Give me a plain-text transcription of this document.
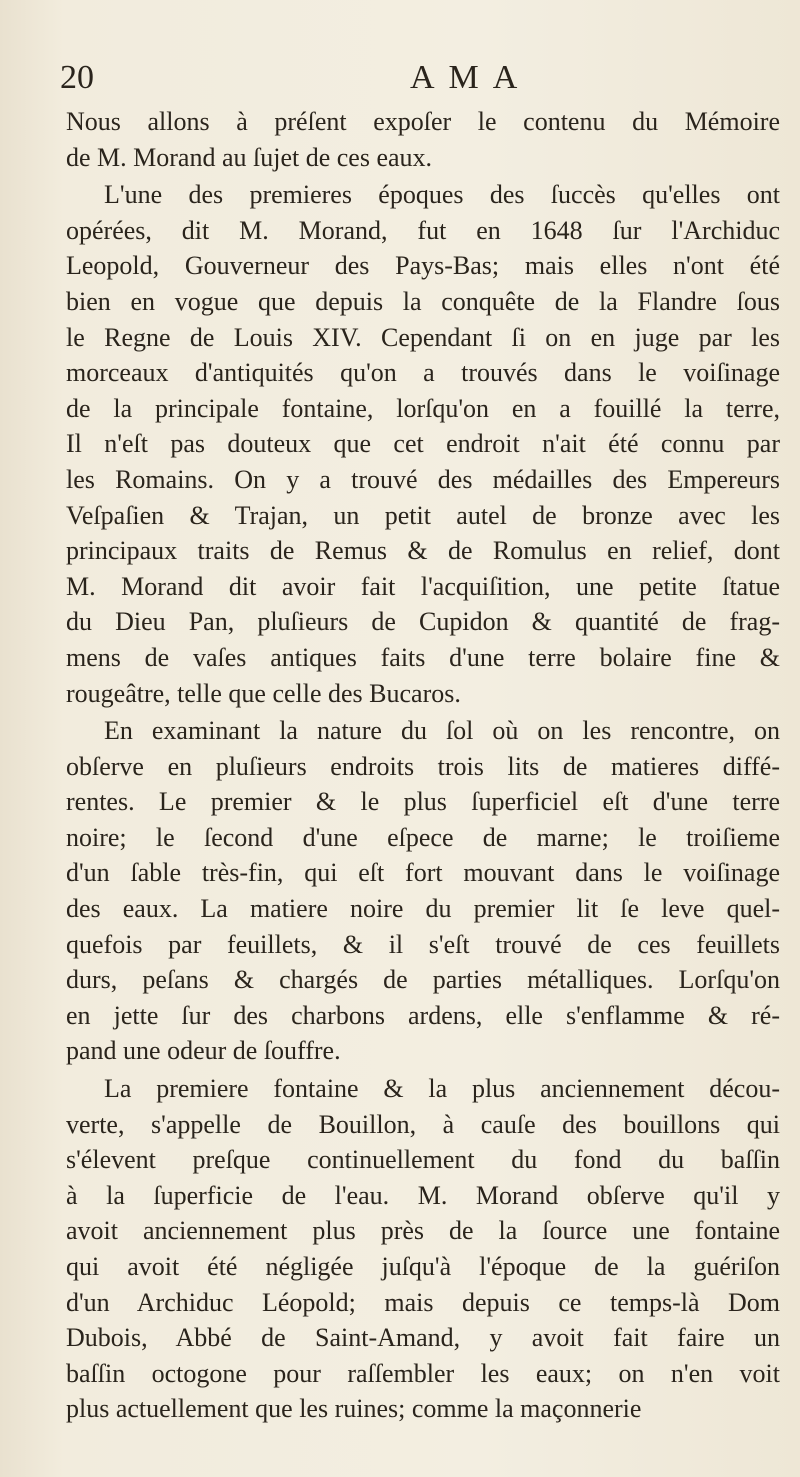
20	AMA
Nous allons à préſent expoſer le contenu du Mémoire
de M. Morand au ſujet de ces eaux.
L'une des premieres époques des ſuccès qu'elles ont
opérées, dit M. Morand, fut en 1648 ſur l'Archiduc
Leopold, Gouverneur des Pays-Bas; mais elles n'ont été
bien en vogue que depuis la conquête de la Flandre ſous
le Regne de Louis XIV. Cependant ſi on en juge par les
morceaux d'antiquités qu'on a trouvés dans le voiſinage
de la principale fontaine, lorſqu'on en a fouillé la terre,
Il n'eſt pas douteux que cet endroit n'ait été connu par
les Romains. On y a trouvé des médailles des Empereurs
Veſpaſien & Trajan, un petit autel de bronze avec les
principaux traits de Remus & de Romulus en relief, dont
M. Morand dit avoir fait l'acquiſition, une petite ſtatue
du Dieu Pan, pluſieurs de Cupidon & quantité de frag-
mens de vaſes antiques faits d'une terre bolaire fine &
rougeâtre, telle que celle des Bucaros.
En examinant la nature du ſol où on les rencontre, on
obſerve en pluſieurs endroits trois lits de matieres diffé-
rentes. Le premier & le plus ſuperficiel eſt d'une terre
noire; le ſecond d'une eſpece de marne; le troiſieme
d'un ſable très-fin, qui eſt fort mouvant dans le voiſinage
des eaux. La matiere noire du premier lit ſe leve quel-
quefois par feuillets, & il s'eſt trouvé de ces feuillets
durs, peſans & chargés de parties métalliques. Lorſqu'on
en jette ſur des charbons ardens, elle s'enflamme & ré-
pand une odeur de ſouffre.
La premiere fontaine & la plus anciennement décou-
verte, s'appelle de Bouillon, à cauſe des bouillons qui
s'élevent preſque continuellement du fond du baſſin
à la ſuperficie de l'eau. M. Morand obſerve qu'il y
avoit anciennement plus près de la ſource une fontaine
qui avoit été négligée juſqu'à l'époque de la guériſon
d'un Archiduc Léopold; mais depuis ce temps-là Dom
Dubois, Abbé de Saint-Amand, y avoit fait faire un
baſſin octogone pour raſſembler les eaux; on n'en voit
plus actuellement que les ruines; comme la maçonnerie
